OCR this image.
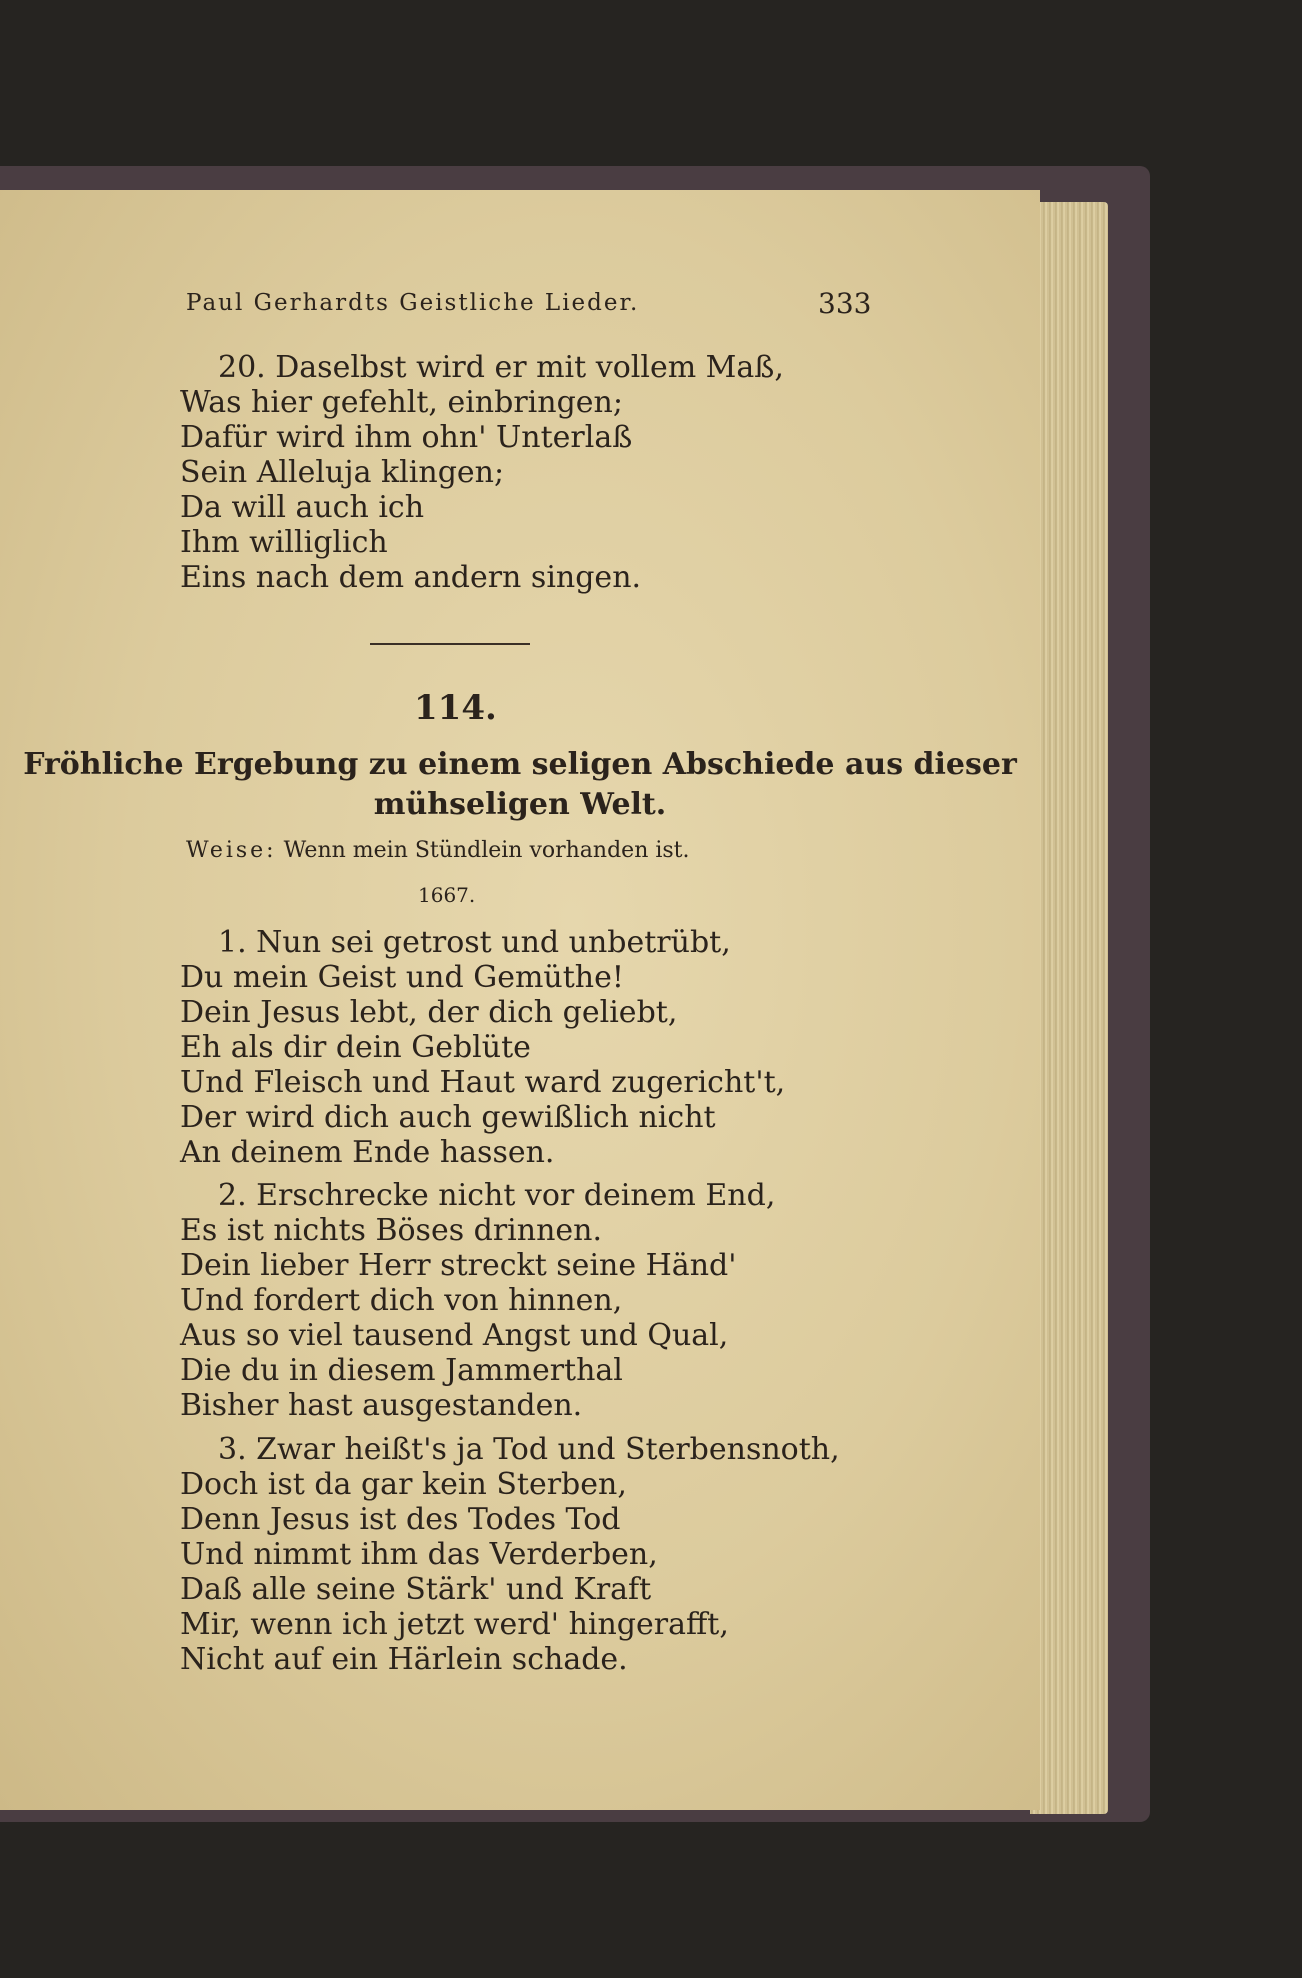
Paul Gerhardts Geistliche Lieder.	333
20. Daselbst wird er mit vollem Maß,
Was hier gefehlt, einbringen;
Dafür wird ihm ohn' Unterlaß
Sein Alleluja klingen;
Da will auch ich
Ihm williglich
Eins nach dem andern singen.
114.
Fröhliche Ergebung zu einem seligen Abschiede aus dieser
mühseligen Welt.
Weise: Wenn mein Stündlein vorhanden ist.
1667.
1. Nun sei getrost und unbetrübt,
Du mein Geist und Gemüthe!
Dein Jesus lebt, der dich geliebt,
Eh als dir dein Geblüte
Und Fleisch und Haut ward zugericht't,
Der wird dich auch gewißlich nicht
An deinem Ende hassen.
2. Erschrecke nicht vor deinem End,
Es ist nichts Böses drinnen.
Dein lieber Herr streckt seine Händ'
Und fordert dich von hinnen,
Aus so viel tausend Angst und Qual,
Die du in diesem Jammerthal
Bisher hast ausgestanden.
3. Zwar heißt's ja Tod und Sterbensnoth,
Doch ist da gar kein Sterben,
Denn Jesus ist des Todes Tod
Und nimmt ihm das Verderben,
Daß alle seine Stärk' und Kraft
Mir, wenn ich jetzt werd' hingerafft,
Nicht auf ein Härlein schade.
